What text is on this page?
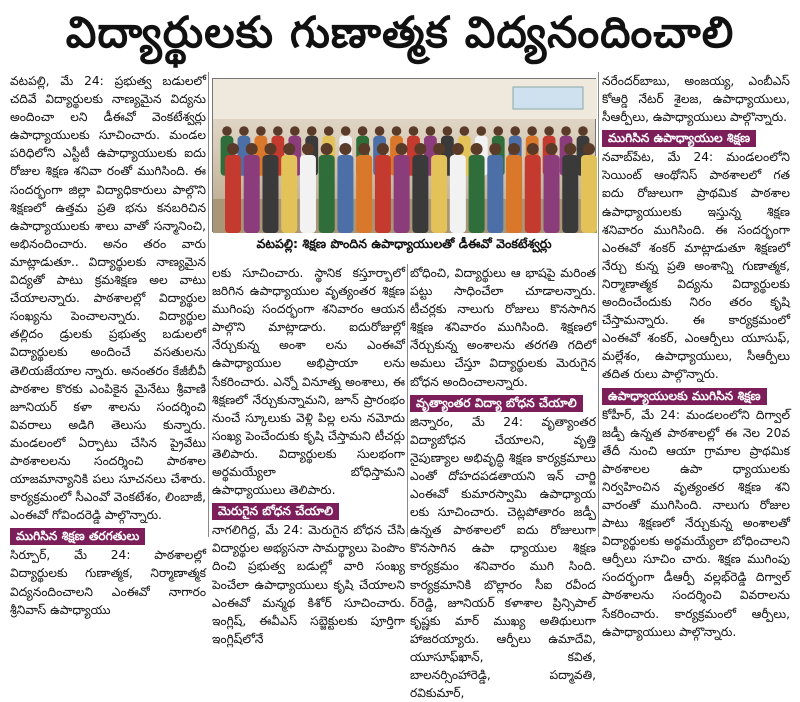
విద్యార్థులకు గుణాత్మక విద్యనందించాలి

వటపల్లి, మే 24: ప్రభుత్వ బడులలో చదివే విద్యార్థులకు నాణ్యమైన విద్యను అందించా లని డీఈవో వెంకటేశ్వర్లు ఉపాధ్యాయులకు సూచించారు. మండల పరిధిలోని ఎస్టీటీ ఉపాధ్యాయులకు ఐదు రోజుల శిక్షణ శనివా రంతో ముగిసింది. ఈ సందర్భంగా జిల్లా విద్యాధికారులు పాల్గొని శిక్షణలో ఉత్తమ ప్రతి భను కనబరిచిన ఉపాధ్యాయులకు శాలు వాతో సన్మానించి, అభినందించారు. అనం తరం వారు మాట్లాడుతూ.. విద్యార్థులకు నాణ్యమైన విద్యతో పాటు క్రమశిక్షణ అల వాటు చేయాలన్నారు. పాఠశాలల్లో విద్యార్థుల సంఖ్యను పెంచాలన్నారు. విద్యార్థుల తల్లిదం డ్రులకు ప్రభుత్వ బడులలో విద్యార్థులకు అందించే వసతులను తెలియజేయాల న్నారు. అనంతరం కేజీబీవీ పాఠశాల కొరకు ఎంపికైన మైనేటు శ్రీవాణి జూనియర్ కళా శాలను సందర్శించి వివరాలు అడిగి తెలుసు కున్నారు. మండలంలో ఏర్పాటు చేసిన ప్రైవేటు పాఠశాలలను సందర్శించి పాఠశాల యాజమాన్యానికి పలు సూచనలు చేశారు. కార్యక్రమంలో సీఎంవో వెంకటేశం, లింబాజీ, ఎంఈవో గోవిందరెడ్డి పాల్గొన్నారు.

ముగిసిన శిక్షణ తరగతులు

సిర్పూర్, మే 24: పాఠశాలల్లో విద్యార్థులకు గుణాత్మక, నిర్మాణాత్మక విద్యనందించాలని ఎంఈవో నాగారం శ్రీనివాస్ ఉపాధ్యాయు

వటపల్లి: శిక్షణ పొందిన ఉపాధ్యాయులతో డీఈవో వెంకటేశ్వర్లు

లకు సూచించారు. స్థానిక కస్తూర్బాలో జరిగిన ఉపాధ్యాయుల వృత్యంతర శిక్షణ ముగింపు సందర్భంగా శనివారం ఆయన పాల్గొని మాట్లాడారు. ఐదురోజుల్లో నేర్చుకున్న అంశా లను ఎంఈవో ఉపాధ్యాయుల అభిప్రాయా లను సేకరించారు. ఎన్నో వినూత్న అంశాలు, ఈ శిక్షణలో నేర్చుకున్నామని, జూన్ ప్రారంభం నుంచే స్కూలుకు వెళ్లి పిల్ల లను నమోదు సంఖ్య పెంచేందుకు కృషి చేస్తామని టీచర్లు తెలిపారు. విద్యార్థులకు సులభంగా అర్థమయ్యేలా బోధిస్తామని ఉపాధ్యాయులు తెలిపారు.

మెరుగైన బోధన చేయాలి

నాగలిగిద్ద, మే 24: మెరుగైన బోధన చేసి విద్యార్థుల అభ్యసనా సామర్థ్యాలు పెంపొం దించి ప్రభుత్వ బడుల్లో వారి సంఖ్య పెంచేలా ఉపాధ్యాయులు కృషి చేయాలని ఎంఈవో మన్మథ కిశోర్ సూచించారు. ఇంగ్లిష్, ఈవీఎస్ సబ్జెక్టులకు పూర్తిగా ఇంగ్లిష్‌లోనే

బోధించి, విద్యార్థులు ఆ భాషపై మరింత పట్టు సాధించేలా చూడాలన్నారు. టీచర్లకు నాలుగు రోజులు కొనసాగిన శిక్షణ శనివారం ముగిసింది. శిక్షణలో నేర్చుకున్న అంశాలను తరగతి గదిలో అమలు చేస్తూ విద్యార్థులకు మెరుగైన బోధన అందించాలన్నారు.

వృత్యాంతర విద్యా బోధన చేయాలి

జిన్నారం, మే 24: వృత్యాంతర విద్యాబోధన చేయాలని, వృత్తి నైపుణ్యాల అభివృద్ధి శిక్షణ కార్యక్రమాలు ఎంతో దోహదపడతాయని ఇన్ చార్జి ఎంఈవో కుమారస్వామి ఉపాధ్యాయ లకు సూచించారు. చెట్లపోతారం జడ్పీ ఉన్నత పాఠశాలలో ఐదు రోజులుగా కొనసాగిన ఉపా ధ్యాయుల శిక్షణ కార్యక్రమం శనివారం ముగి సింది. కార్యక్రమానికి బొల్లారం సీఐ రవీంద ర్‌రెడ్డి, జూనియర్ కళాశాల ప్రిన్సిపాల్ కృష్ణకు మార్ ముఖ్య అతిథులుగా హాజరయ్యారు. ఆర్పీలు ఉమాదేవి, యూసూఫ్‌ఖాన్, కవిత, బాలనర్సింహారెడ్డి, పద్మావతి, రవికుమార్,

నరేందర్‌బాబు, అంజయ్య, ఎంబీఎస్ కోఆర్డి నేటర్ శైలజ, ఉపాధ్యాయులు, సీఆర్పీలు, ఉపాధ్యాయులు పాల్గొన్నారు.

ముగిసిన ఉపాధ్యాయుల శిక్షణ

నవాబ్‌పేట, మే 24: మండలంలోని సెయింట్ ఆంథోనిస్ పాఠశాలలో గత ఐదు రోజులుగా ప్రాథమిక పాఠశాల ఉపాధ్యాయులకు ఇస్తున్న శిక్షణ శనివారం ముగిసింది. ఈ సందర్భంగా ఎంఈవో శంకర్ మాట్లాడుతూ శిక్షణలో నేర్చు కున్న ప్రతి అంశాన్ని గుణాత్మక, నిర్మాణాత్మక విద్యను విద్యార్థులకు అందించేందుకు నిరం తరం కృషి చేస్తామన్నారు. ఈ కార్యక్రమంలో ఎంఈవో శంకర్, ఎంఆర్పీలు యూసుఫ్, మల్లేశం, ఉపాధ్యాయులు, సీఆర్పీలు తదిత రులు పాల్గొన్నారు.

ఉపాధ్యాయులకు ముగిసిన శిక్షణ

కోహీర్, మే 24: మండలంలోని దిగ్వాల్ జడ్పీ ఉన్నత పాఠశాలల్లో ఈ నెల 20వ తేదీ నుంచి ఆయా గ్రామాల ప్రాథమిక పాఠశాలల ఉపా ధ్యాయులకు నిర్వహించిన వృత్యంతర శిక్షణ శని వారంతో ముగిసింది. నాలుగు రోజుల పాటు శిక్షణలో నేర్చుకున్న అంశాలతో విద్యార్థులకు అర్థమయ్యేలా బోధించాలని ఆర్పీలు సూచిం చారు. శిక్షణ ముగింపు సందర్భంగా డీఆర్పీ వల్లభ్‌రెడ్డి దిగ్వాల్ పాఠశాలను సందర్శించి వివరాలను సేకరించారు. కార్యక్రమంలో ఆర్పీలు, ఉపాధ్యాయులు పాల్గొన్నారు.
